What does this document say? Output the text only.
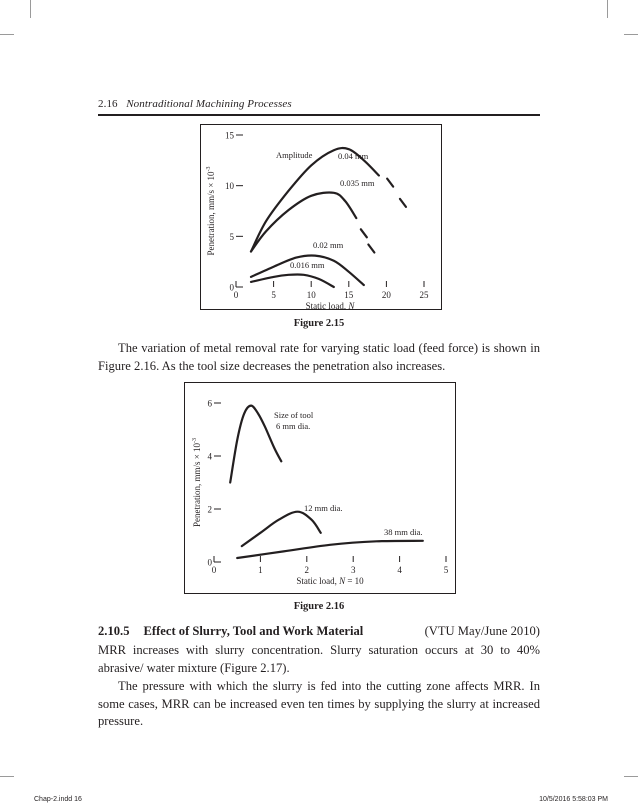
2.16 Nontraditional Machining Processes
0
5
10
15
0	5	10	15	20	25
Static load, N
Penetration, $mm/s \times 10^{-3}$
0.04 mm
0.035 mm
0.02 mm
0.016 mm
Amplitude
Figure 2.15

The variation of metal removal rate for varying static load (feed force) is shown in Figure 2.16. As the tool size decreases the penetration also increases.

0
2
4
6
0	1	2	3	4	5
Static load, N = 10
Penetration, $mm/s \times 10^{-3}$
Size of tool
6 mm dia.
12 mm dia.
38 mm dia.
Figure 2.16
2.10.5 Effect of Slurry, Tool and Work Material	(VTU May/June 2010)

MRR increases with slurry concentration. Slurry saturation occurs at 30 to 40% abrasive/ water mixture (Figure 2.17).

The pressure with which the slurry is fed into the cutting zone affects MRR. In some cases, MRR can be increased even ten times by supplying the slurry at increased pressure.

Chap-2.indd 16	10/5/2016 5:58:03 PM
